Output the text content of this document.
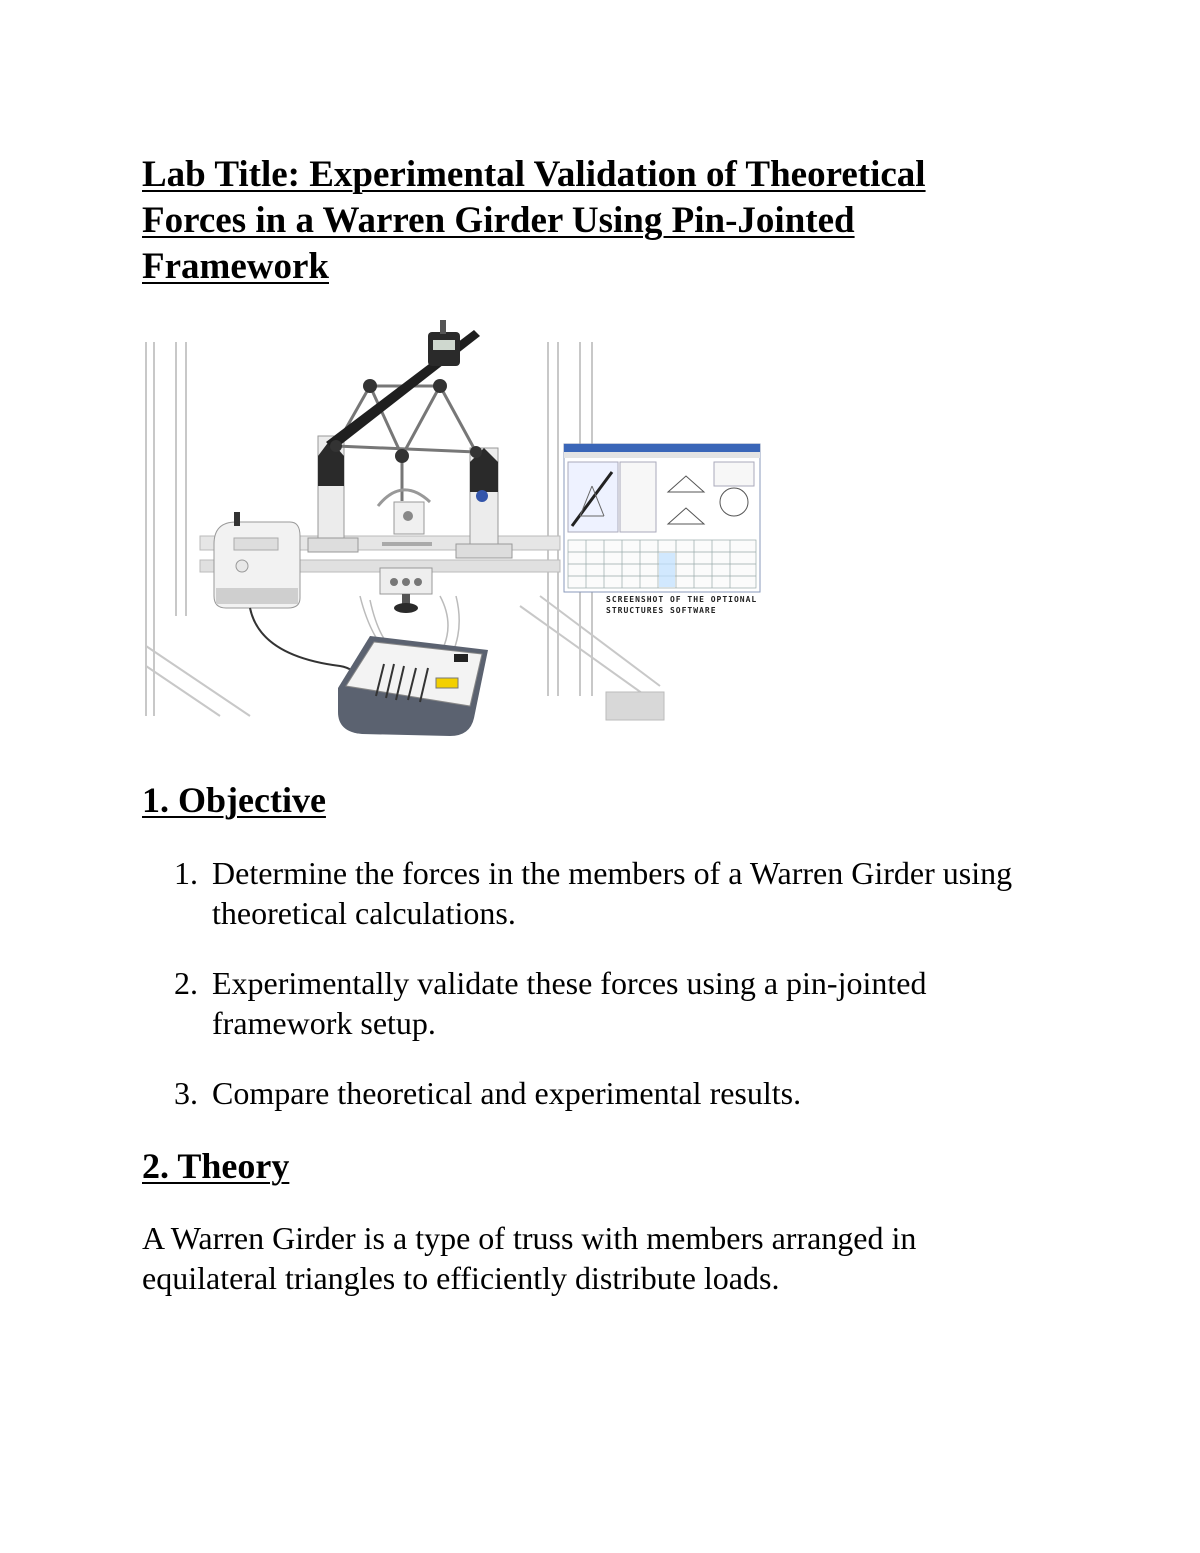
Lab Title: Experimental Validation of Theoretical
Forces in a Warren Girder Using Pin-Jointed
Framework
SCREENSHOT OF THE OPTIONAL
STRUCTURES SOFTWARE
1. Objective
1. Determine the forces in the members of a Warren Girder using theoretical calculations.
2. Experimentally validate these forces using a pin-jointed framework setup.
3. Compare theoretical and experimental results.
2. Theory

A Warren Girder is a type of truss with members arranged in equilateral triangles to efficiently distribute loads.
